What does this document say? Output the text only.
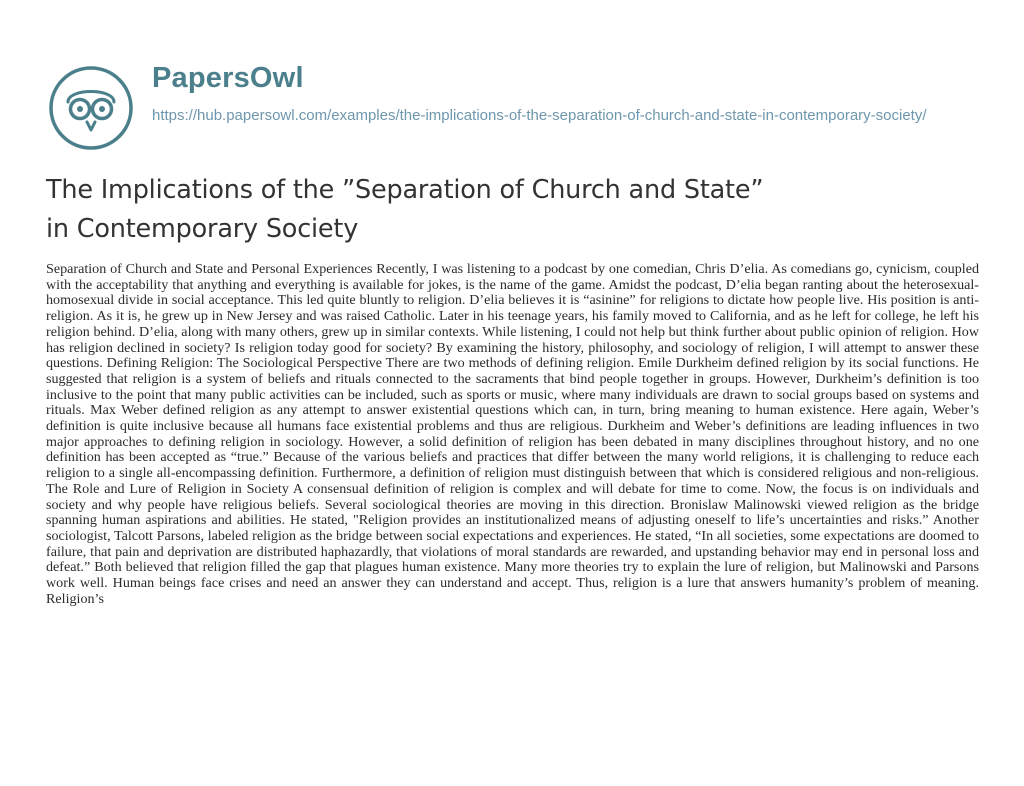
PapersOwl
https://hub.papersowl.com/examples/the-implications-of-the-separation-of-church-and-state-in-contemporary-society/
The Implications of the ”Separation of Church and State” in Contemporary Society

Separation of Church and State and Personal Experiences Recently, I was listening to a podcast by one comedian, Chris D’elia. As comedians go, cynicism, coupled with the acceptability that anything and everything is available for jokes, is the name of the game. Amidst the podcast, D’elia began ranting about the heterosexual-homosexual divide in social acceptance. This led quite bluntly to religion. D’elia believes it is “asinine” for religions to dictate how people live. His position is anti-religion. As it is, he grew up in New Jersey and was raised Catholic. Later in his teenage years, his family moved to California, and as he left for college, he left his religion behind. D’elia, along with many others, grew up in similar contexts. While listening, I could not help but think further about public opinion of religion. How has religion declined in society? Is religion today good for society? By examining the history, philosophy, and sociology of religion, I will attempt to answer these questions. Defining Religion: The Sociological Perspective There are two methods of defining religion. Emile Durkheim defined religion by its social functions. He suggested that religion is a system of beliefs and rituals connected to the sacraments that bind people together in groups. However, Durkheim’s definition is too inclusive to the point that many public activities can be included, such as sports or music, where many individuals are drawn to social groups based on systems and rituals. Max Weber defined religion as any attempt to answer existential questions which can, in turn, bring meaning to human existence. Here again, Weber’s definition is quite inclusive because all humans face existential problems and thus are religious. Durkheim and Weber’s definitions are leading influences in two major approaches to defining religion in sociology. However, a solid definition of religion has been debated in many disciplines throughout history, and no one definition has been accepted as “true.” Because of the various beliefs and practices that differ between the many world religions, it is challenging to reduce each religion to a single all-encompassing definition. Furthermore, a definition of religion must distinguish between that which is considered religious and non-religious. The Role and Lure of Religion in Society A consensual definition of religion is complex and will debate for time to come. Now, the focus is on individuals and society and why people have religious beliefs. Several sociological theories are moving in this direction. Bronislaw Malinowski viewed religion as the bridge spanning human aspirations and abilities. He stated, "Religion provides an institutionalized means of adjusting oneself to life’s uncertainties and risks.” Another sociologist, Talcott Parsons, labeled religion as the bridge between social expectations and experiences. He stated, “In all societies, some expectations are doomed to failure, that pain and deprivation are distributed haphazardly, that violations of moral standards are rewarded, and upstanding behavior may end in personal loss and defeat.” Both believed that religion filled the gap that plagues human existence. Many more theories try to explain the lure of religion, but Malinowski and Parsons work well. Human beings face crises and need an answer they can understand and accept. Thus, religion is a lure that answers humanity’s problem of meaning. Religion’s
